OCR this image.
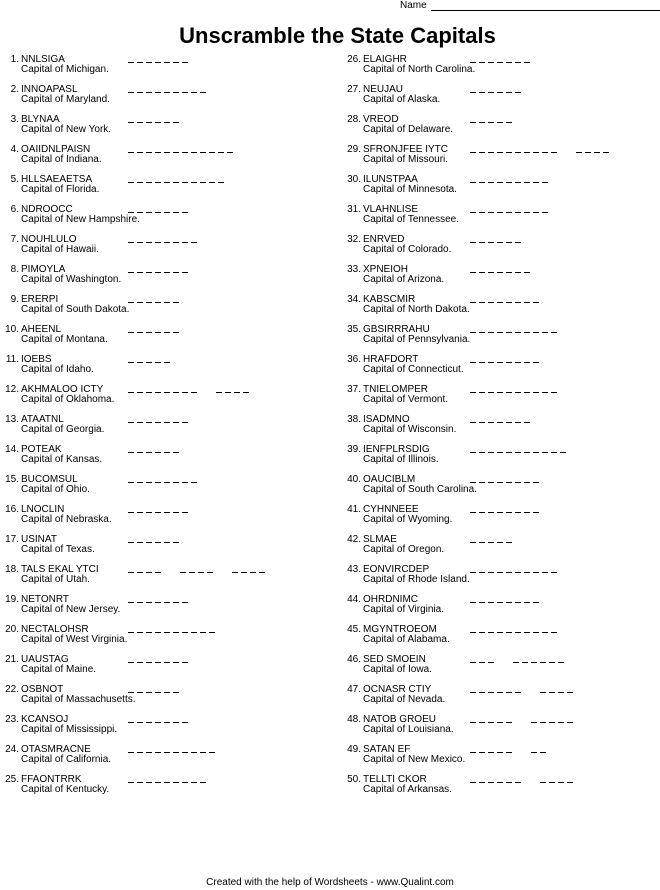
Name
Unscramble the State Capitals
1. NNLSIGA
Capital of Michigan.
2. INNOAPASL
Capital of Maryland.
3. BLYNAA
Capital of New York.
4. OAIIDNLPAISN
Capital of Indiana.
5. HLLSAEAETSA
Capital of Florida.
6. NDROOCC
Capital of New Hampshire.
7. NOUHLULO
Capital of Hawaii.
8. PIMOYLA
Capital of Washington.
9. ERERPI
Capital of South Dakota.
10. AHEENL
Capital of Montana.
11. IOEBS
Capital of Idaho.
12. AKHMALOO ICTY
Capital of Oklahoma.
13. ATAATNL
Capital of Georgia.
14. POTEAK
Capital of Kansas.
15. BUCOMSUL
Capital of Ohio.
16. LNOCLIN
Capital of Nebraska.
17. USINAT
Capital of Texas.
18. TALS EKAL YTCI
Capital of Utah.
19. NETONRT
Capital of New Jersey.
20. NECTALOHSR
Capital of West Virginia.
21. UAUSTAG
Capital of Maine.
22. OSBNOT
Capital of Massachusetts.
23. KCANSOJ
Capital of Mississippi.
24. OTASMRACNE
Capital of California.
25. FFAONTRRK
Capital of Kentucky.
26. ELAIGHR
Capital of North Carolina.
27. NEUJAU
Capital of Alaska.
28. VREOD
Capital of Delaware.
29. SFRONJFEE IYTC
Capital of Missouri.
30. ILUNSTPAA
Capital of Minnesota.
31. VLAHNLISE
Capital of Tennessee.
32. ENRVED
Capital of Colorado.
33. XPNEIOH
Capital of Arizona.
34. KABSCMIR
Capital of North Dakota.
35. GBSIRRRAHU
Capital of Pennsylvania.
36. HRAFDORT
Capital of Connecticut.
37. TNIELOMPER
Capital of Vermont.
38. ISADMNO
Capital of Wisconsin.
39. IENFPLRSDIG
Capital of Illinois.
40. OAUCIBLM
Capital of South Carolina.
41. CYHNNEEE
Capital of Wyoming.
42. SLMAE
Capital of Oregon.
43. EONVIRCDEP
Capital of Rhode Island.
44. OHRDNIMC
Capital of Virginia.
45. MGYNTROEOM
Capital of Alabama.
46. SED SMOEIN
Capital of Iowa.
47. OCNASR CTIY
Capital of Nevada.
48. NATOB GROEU
Capital of Louisiana.
49. SATAN EF
Capital of New Mexico.
50. TELLTI CKOR
Capital of Arkansas.
Created with the help of Wordsheets - www.Qualint.com
